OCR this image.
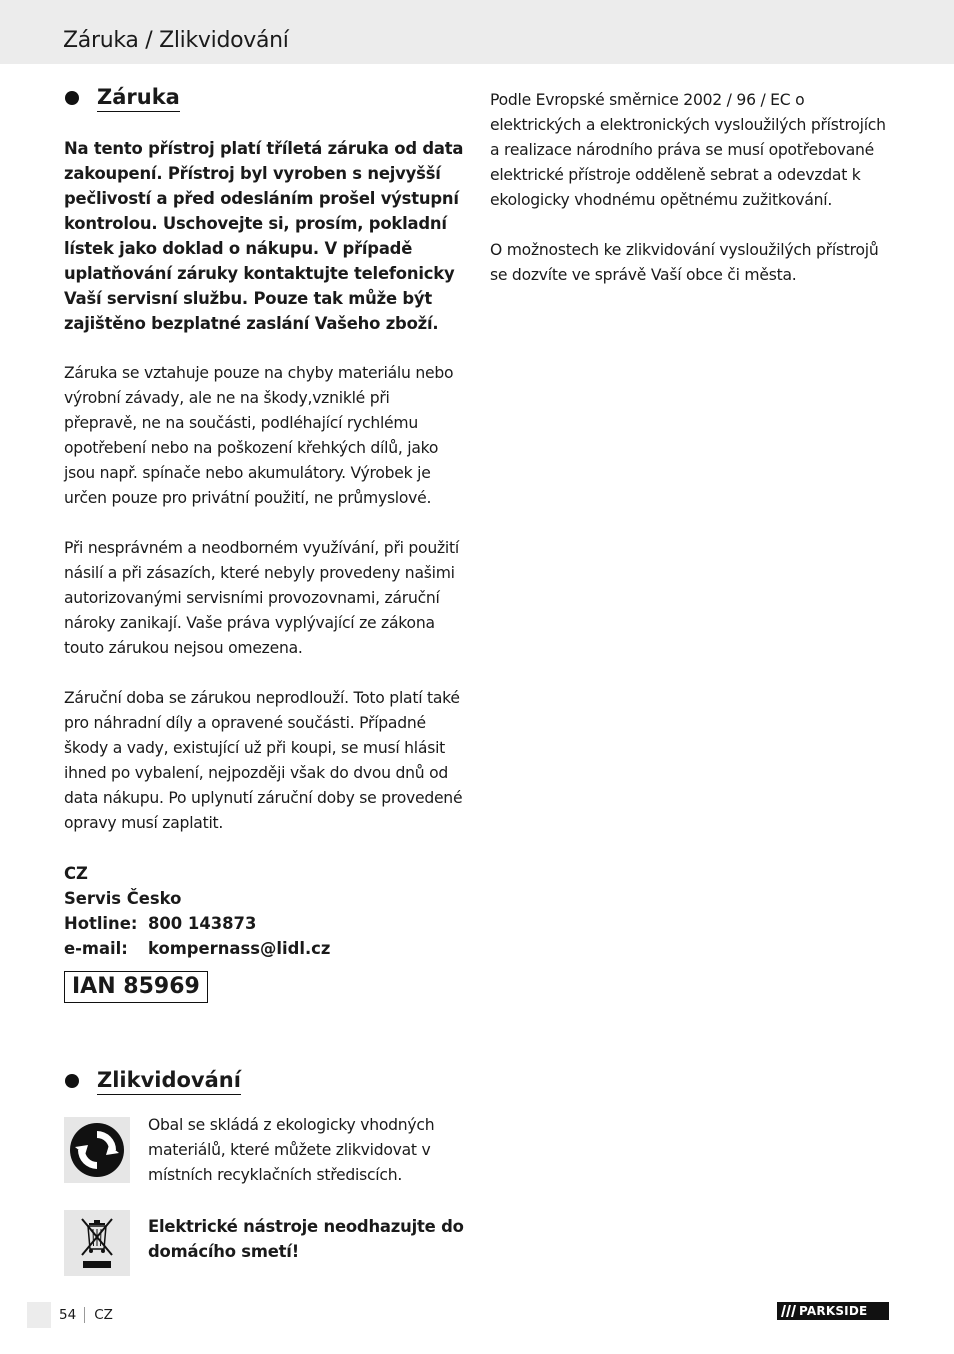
Záruka / Zlikvidování
Záruka

Na tento přístroj platí tříletá záruka od data zakoupení. Přístroj byl vyroben s nejvyšší pečlivostí a před odesláním prošel výstupní kontrolou. Uschovejte si, prosím, pokladní lístek jako doklad o nákupu. V případě uplatňování záruky kontaktujte telefonicky Vaší servisní službu. Pouze tak může být zajištěno bezplatné zaslání Vašeho zboží.

Záruka se vztahuje pouze na chyby materiálu nebo výrobní závady, ale ne na škody,vzniklé při přepravě, ne na součásti, podléhající rychlému opotřebení nebo na poškození křehkých dílů, jako jsou např. spínače nebo akumulátory. Výrobek je určen pouze pro privátní použití, ne průmyslové.

Při nesprávném a neodborném využívání, při použití násilí a při zásazích, které nebyly provedeny našimi autorizovanými servisními provozovnami, záruční nároky zanikají. Vaše práva vyplývající ze zákona touto zárukou nejsou omezena.

Záruční doba se zárukou neprodlouží. Toto platí také pro náhradní díly a opravené součásti. Případné škody a vady, existující už při koupi, se musí hlásit ihned po vybalení, nejpozději však do dvou dnů od data nákupu. Po uplynutí záruční doby se provedené opravy musí zaplatit.

CZ
Servis Česko
Hotline: 800 143873
e-mail:	kompernass@lidl.cz
IAN 85969
Zlikvidování

Obal se skládá z ekologicky vhodných materiálů, které můžete zlikvidovat v místních recyklačních střediscích.

Elektrické nástroje neodhazujte do domácího smetí!

Podle Evropské směrnice 2002 / 96 / EC o elektrických a elektronických vysloužilých přístrojích a realizace národního práva se musí opotřebované elektrické přístroje odděleně sebrat a odevzdat k ekologicky vhodnému opětnému zužitkování.

O možnostech ke zlikvidování vysloužilých přístrojů se dozvíte ve správě Vaší obce či města.

54	CZ	PARKSIDE
